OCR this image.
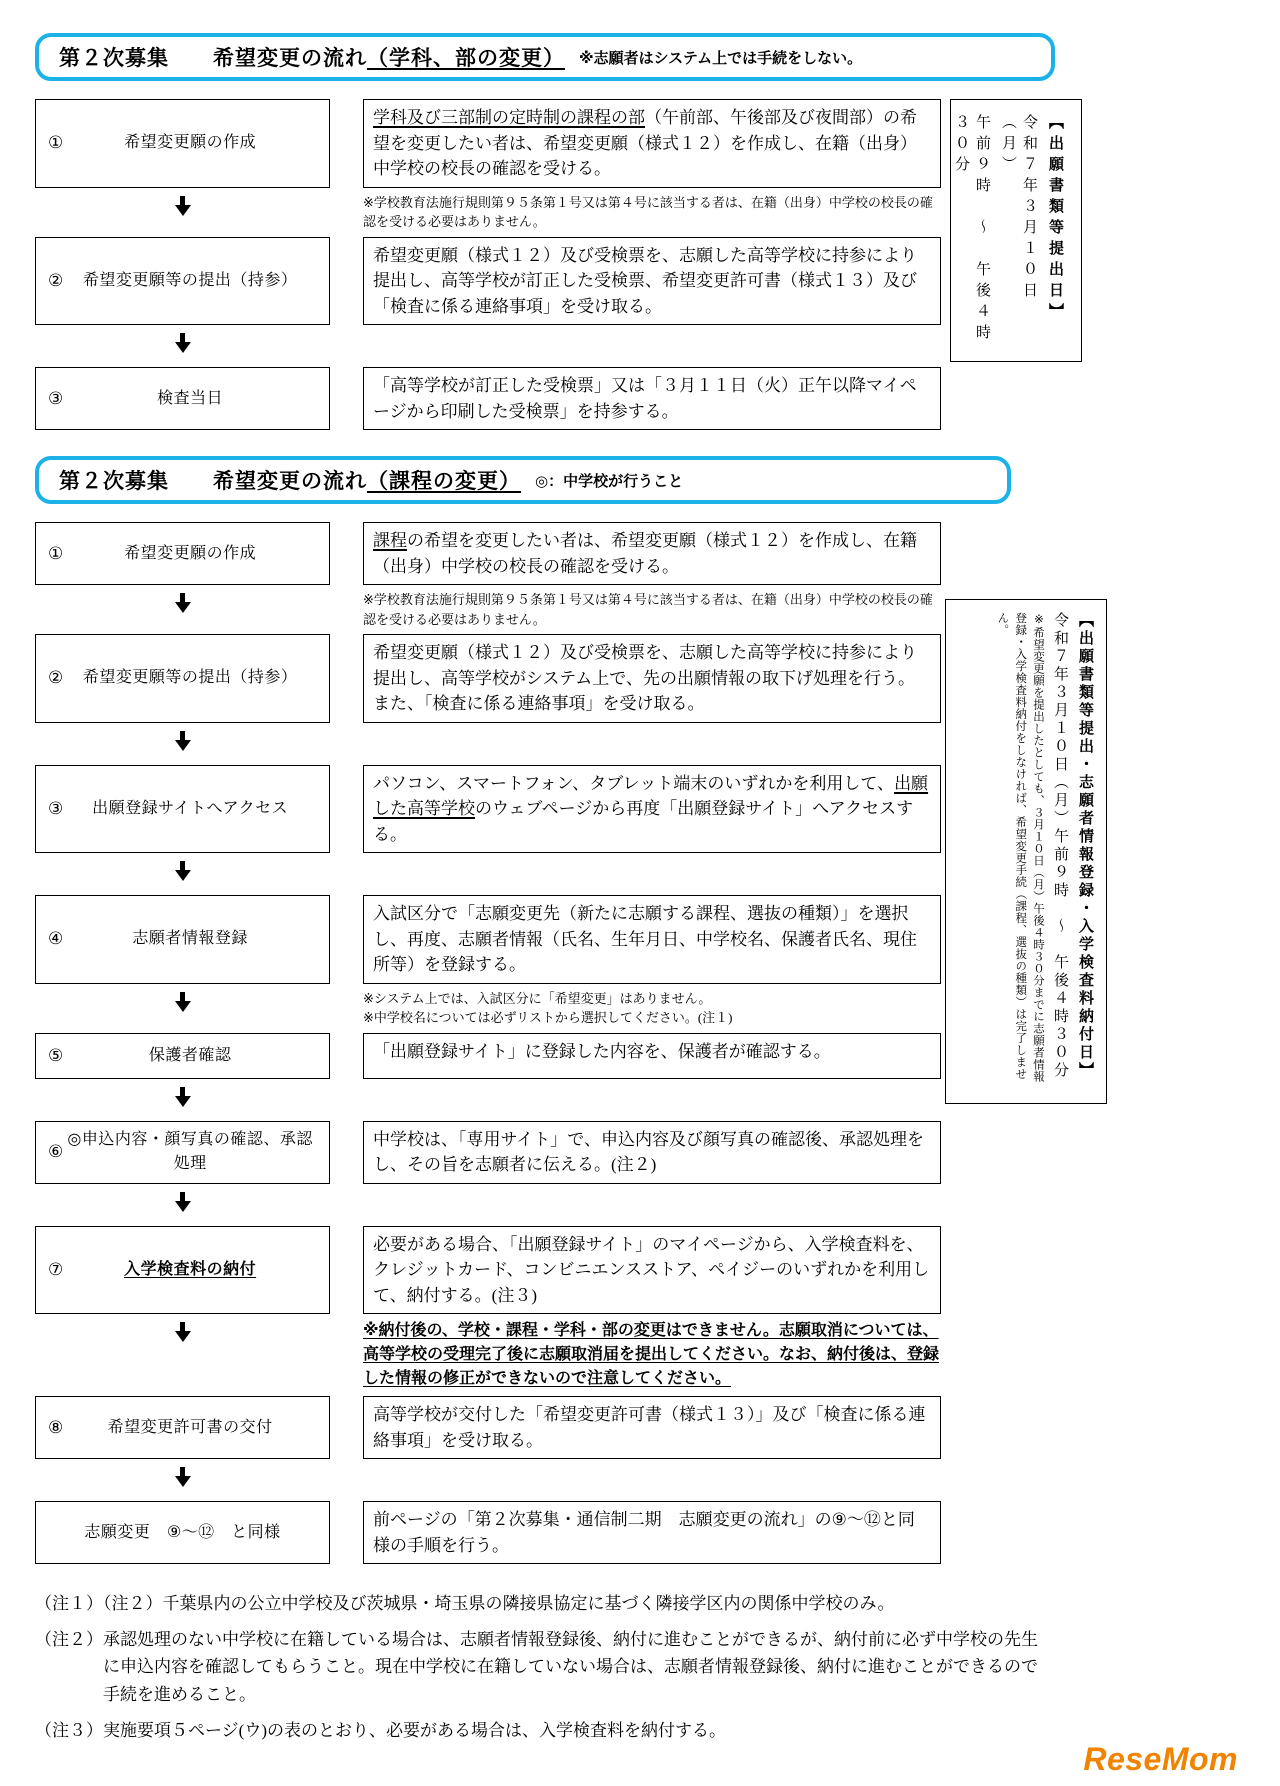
第２次募集 希望変更の流れ（学科、部の変更） ※志願者はシステム上では手続をしない。
①	希望変更願の作成
学科及び三部制の定時制の課程の部（午前部、午後部及び夜間部）の希望を変更したい者は、希望変更願（様式１２）を作成し、在籍（出身）中学校の校長の確認を受ける。
※学校教育法施行規則第９５条第１号又は第４号に該当する者は、在籍（出身）中学校の校長の確認を受ける必要はありません。
②	希望変更願等の提出（持参）
希望変更願（様式１２）及び受検票を、志願した高等学校に持参により提出し、高等学校が訂正した受検票、希望変更許可書（様式１３）及び「検査に係る連絡事項」を受け取る。
③	検査当日
「高等学校が訂正した受検票」又は「３月１１日（火）正午以降マイページから印刷した受検票」を持参する。
【出願書類等提出日】
令和７年３月１０日（月）
午前９時　～　午後４時３０分
第２次募集 希望変更の流れ（課程の変更） ◎：中学校が行うこと
①	希望変更願の作成
課程の希望を変更したい者は、希望変更願（様式１２）を作成し、在籍（出身）中学校の校長の確認を受ける。
※学校教育法施行規則第９５条第１号又は第４号に該当する者は、在籍（出身）中学校の校長の確認を受ける必要はありません。
②	希望変更願等の提出（持参）
希望変更願（様式１２）及び受検票を、志願した高等学校に持参により提出し、高等学校がシステム上で、先の出願情報の取下げ処理を行う。また、「検査に係る連絡事項」を受け取る。
③	出願登録サイトへアクセス
パソコン、スマートフォン、タブレット端末のいずれかを利用して、出願した高等学校のウェブページから再度「出願登録サイト」へアクセスする。
④	志願者情報登録
入試区分で「志願変更先（新たに志願する課程、選抜の種類）」を選択し、再度、志願者情報（氏名、生年月日、中学校名、保護者氏名、現住所等）を登録する。
※システム上では、入試区分に「希望変更」はありません。
※中学校名については必ずリストから選択してください。(注１)
⑤	保護者確認	「出願登録サイト」に登録した内容を、保護者が確認する。
⑥
◎申込内容・顔写真の確認、承認処理
中学校は、「専用サイト」で、申込内容及び顔写真の確認後、承認処理をし、その旨を志願者に伝える。(注２)
⑦	入学検査料の納付
必要がある場合、「出願登録サイト」のマイページから、入学検査料を、クレジットカード、コンビニエンスストア、ペイジーのいずれかを利用して、納付する。(注３)
※納付後の、学校・課程・学科・部の変更はできません。志願取消については、高等学校の受理完了後に志願取消届を提出してください。なお、納付後は、登録した情報の修正ができないので注意してください。
⑧	希望変更許可書の交付
高等学校が交付した「希望変更許可書（様式１３）」及び「検査に係る連絡事項」を受け取る。
志願変更　⑨～⑫　と同様
前ページの「第２次募集・通信制二期　志願変更の流れ」の⑨～⑫と同様の手順を行う。
【出願書類等提出・志願者情報登録・入学検査料納付日】
令和７年３月１０日（月）午前９時　～　午後４時３０分
※希望変更願を提出したとしても、３月１０日（月）午後４時３０分までに志願者情報登録・入学検査料納付をしなければ、希望変更手続（課程、選抜の種類）は完了しません。

（注１）（注２）千葉県内の公立中学校及び茨城県・埼玉県の隣接県協定に基づく隣接学区内の関係中学校のみ。

（注２）承認処理のない中学校に在籍している場合は、志願者情報登録後、納付に進むことができるが、納付前に必ず中学校の先生に申込内容を確認してもらうこと。現在中学校に在籍していない場合は、志願者情報登録後、納付に進むことができるので手続を進めること。

（注３）実施要項５ページ(ウ)の表のとおり、必要がある場合は、入学検査料を納付する。

ReseMom
